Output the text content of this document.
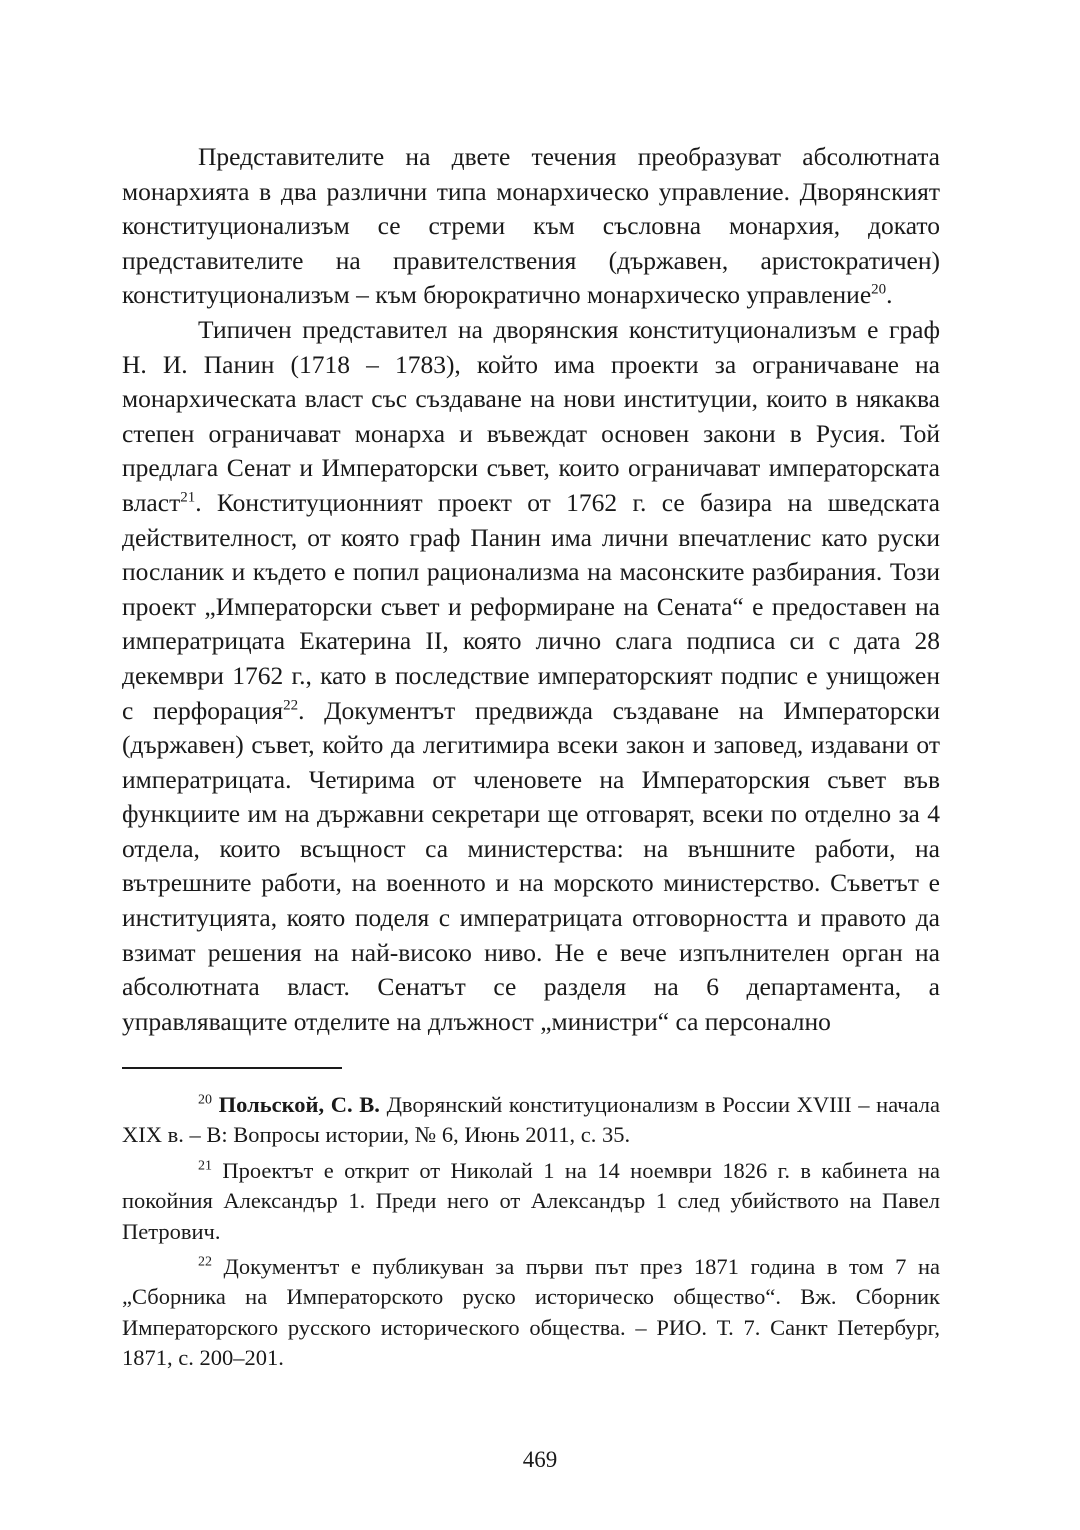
Представителите на двете течения преобразуват абсолютната монархията в два различни типа монархическо управление. Дворянският конституционализъм се стреми към съсловна монархия, докато представителите на правителствения (държавен, аристократичен) конституционализъм – към бюрократично монархическо управление$^{20}$.

Типичен представител на дворянския конституционализъм е граф Н. И. Панин (1718 – 1783), който има проекти за ограничаване на монархическата власт със създаване на нови институции, които в някаква степен ограничават монарха и въвеждат основен закони в Русия. Той предлага Сенат и Императорски съвет, които ограничават императорската власт$^{21}$. Конституционният проект от 1762 г. се базира на шведската действителност, от която граф Панин има лични впечатленис като руски посланик и където е попил рационализма на масонските разбирания. Този проект „Императорски съвет и реформиране на Сената“ е предоставен на императрицата Екатерина II, която лично слага подписа си с дата 28 декември 1762 г., като в последствие императорският подпис е унищожен с перфорация$^{22}$. Документът предвижда създаване на Императорски (държавен) съвет, който да легитимира всеки закон и заповед, издавани от императрицата. Четирима от членовете на Императорския съвет във функциите им на държавни секретари ще отговарят, всеки по отделно за 4 отдела, които всъщност са министерства: на външните работи, на вътрешните работи, на военното и на морското министерство. Съветът е институцията, която поделя с императрицата отговорността и правото да взимат решения на най-високо ниво. Не е вече изпълнителен орган на абсолютната власт. Сенатът се разделя на 6 департамента, а управляващите отделите на длъжност „министри“ са персонално

$^{20}$ Польской, С. В. Дворянский конституционализм в России XVIII – начала XIX в. – В: Вопросы истории, № 6, Июнь 2011, с. 35.

$^{21}$ Проектът е открит от Николай 1 на 14 ноември 1826 г. в кабинета на покойния Александър 1. Преди него от Александър 1 след убийството на Павел Петрович.

$^{22}$ Документът е публикуван за първи път през 1871 година в том 7 на „Сборника на Императорското руско историческо общество“. Вж. Сборник Императорского русского исторического общества. – РИО. Т. 7. Санкт Петербург, 1871, с. 200–201.

469
